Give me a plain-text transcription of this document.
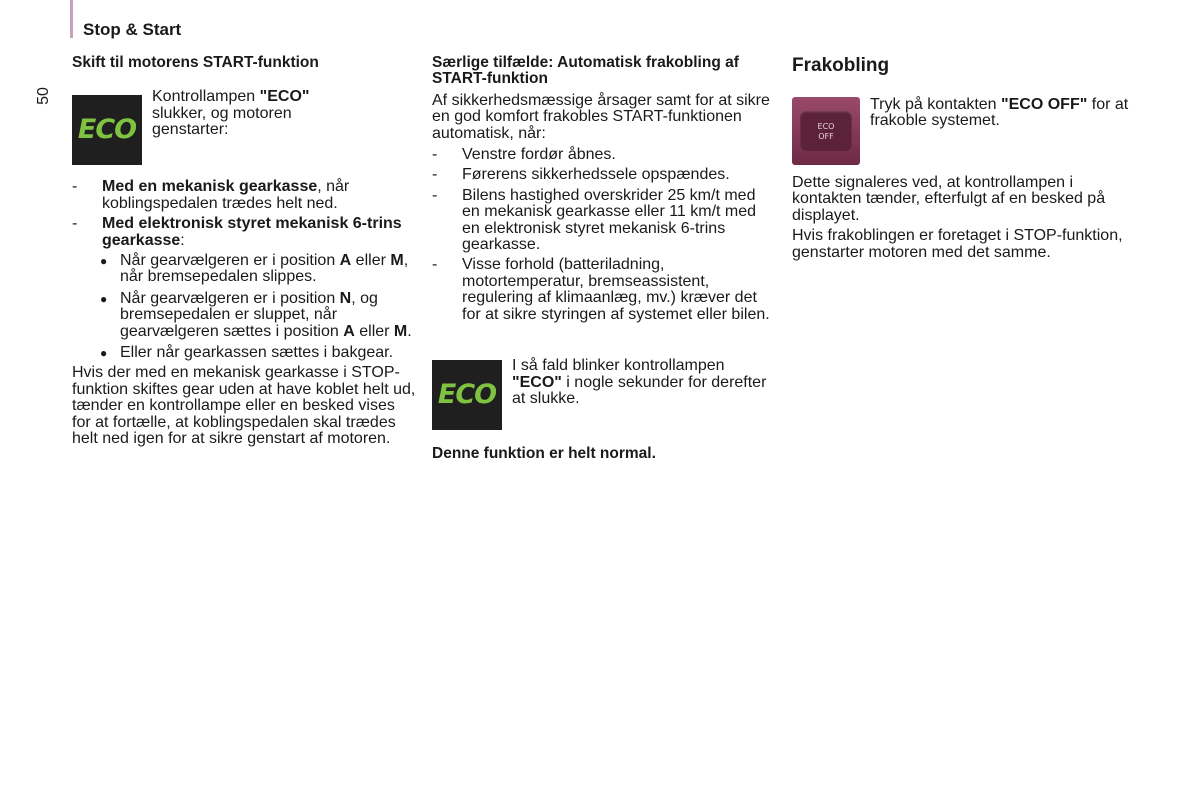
Stop & Start
50
Skift til motorens START-funktion
ECO
Kontrollampen "ECO" slukker, og motoren genstarter:
- Med en mekanisk gearkasse, når koblingspedalen trædes helt ned.
- Med elektronisk styret mekanisk 6-trins gearkasse:
● Når gearvælgeren er i position A eller M, når bremsepedalen slippes.
● Når gearvælgeren er i position N, og bremsepedalen er sluppet, når gearvælgeren sættes i position A eller M.
● Eller når gearkassen sættes i bakgear.

Hvis der med en mekanisk gearkasse i STOP-funktion skiftes gear uden at have koblet helt ud, tænder en kontrollampe eller en besked vises for at fortælle, at koblingspedalen skal trædes helt ned igen for at sikre genstart af motoren.

Særlige tilfælde: Automatisk frakobling af START-funktion

Af sikkerhedsmæssige årsager samt for at sikre en god komfort frakobles START-funktionen automatisk, når:

- Venstre fordør åbnes.
- Førerens sikkerhedssele opspændes.
- Bilens hastighed overskrider 25 km/t med en mekanisk gearkasse eller 11 km/t med en elektronisk styret mekanisk 6-trins gearkasse.
- Visse forhold (batteriladning, motortemperatur, bremseassistent, regulering af klimaanlæg, mv.) kræver det for at sikre styringen af systemet eller bilen.
ECO
I så fald blinker kontrollampen "ECO" i nogle sekunder for derefter at slukke.
Denne funktion er helt normal.
Frakobling
ECO
OFF
Tryk på kontakten "ECO OFF" for at frakoble systemet.

Dette signaleres ved, at kontrollampen i kontakten tænder, efterfulgt af en besked på displayet.

Hvis frakoblingen er foretaget i STOP-funktion, genstarter motoren med det samme.
